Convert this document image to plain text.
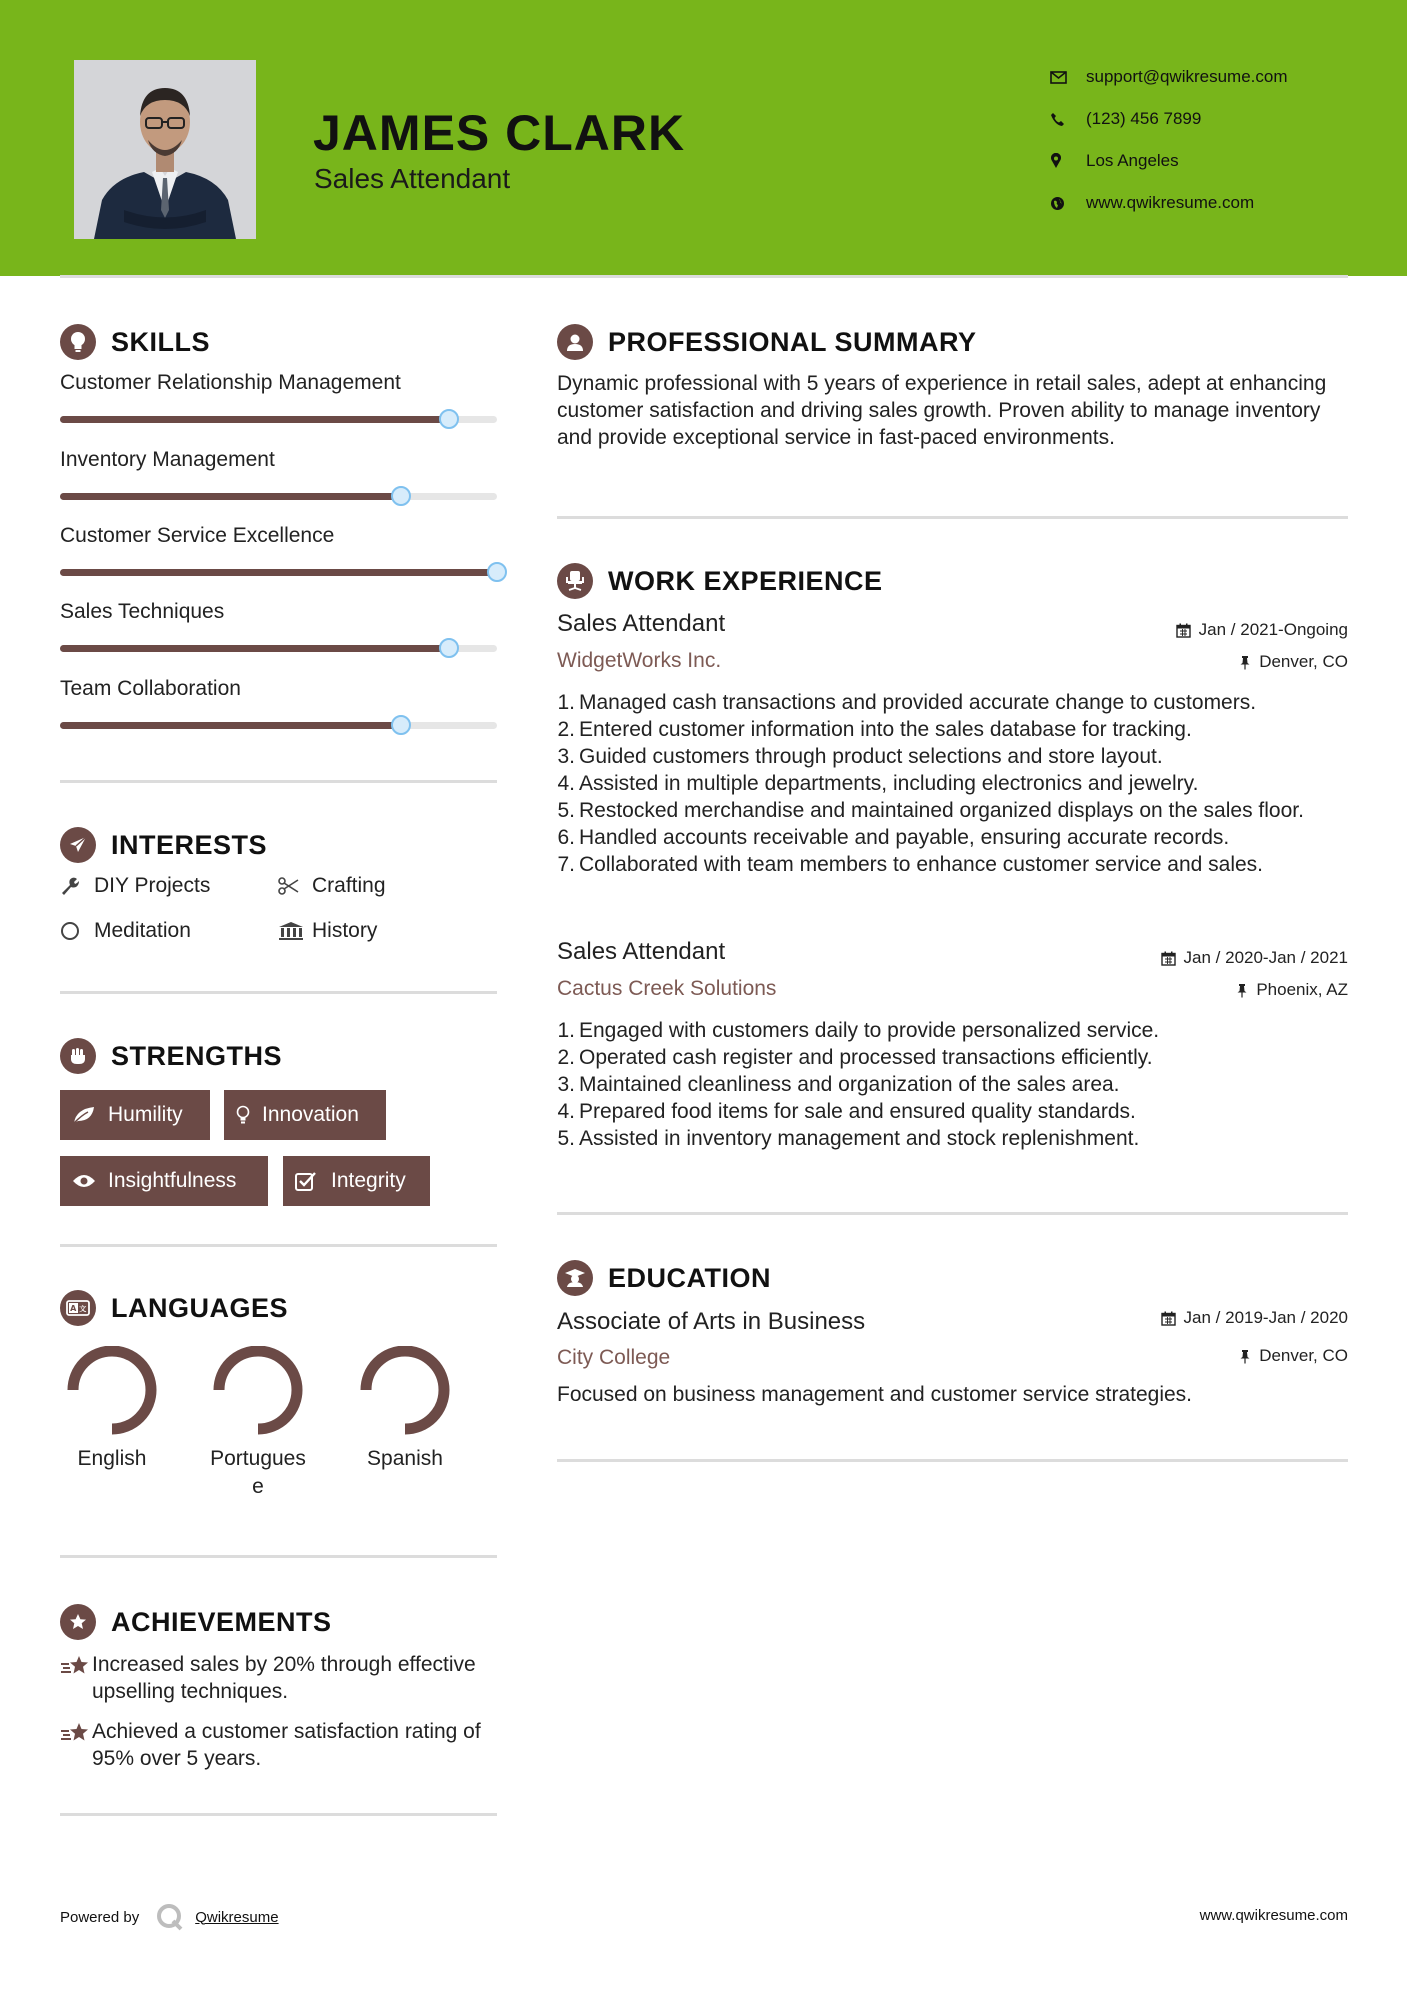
JAMES CLARK
Sales Attendant
support@qwikresume.com
(123) 456 7899
Los Angeles
www.qwikresume.com
SKILLS
Customer Relationship Management
Inventory Management
Customer Service Excellence
Sales Techniques
Team Collaboration
INTERESTS
DIY Projects	Crafting
Meditation	History
STRENGTHS
Humility	Innovation
Insightfulness	Integrity
A 文 LANGUAGES
English	Portugues
e
Spanish
ACHIEVEMENTS
Increased sales by 20% through effective upselling techniques.
Achieved a customer satisfaction rating of 95% over 5 years.
PROFESSIONAL SUMMARY
Dynamic professional with 5 years of experience in retail sales, adept at enhancing customer satisfaction and driving sales growth. Proven ability to manage inventory and provide exceptional service in fast-paced environments.
WORK EXPERIENCE
Sales Attendant
WidgetWorks Inc.
Jan / 2021-Ongoing
Denver, CO
1. Managed cash transactions and provided accurate change to customers.
2. Entered customer information into the sales database for tracking.
3. Guided customers through product selections and store layout.
4. Assisted in multiple departments, including electronics and jewelry.
5. Restocked merchandise and maintained organized displays on the sales floor.
6. Handled accounts receivable and payable, ensuring accurate records.
7. Collaborated with team members to enhance customer service and sales.
Sales Attendant
Cactus Creek Solutions
Jan / 2020-Jan / 2021
Phoenix, AZ
1. Engaged with customers daily to provide personalized service.
2. Operated cash register and processed transactions efficiently.
3. Maintained cleanliness and organization of the sales area.
4. Prepared food items for sale and ensured quality standards.
5. Assisted in inventory management and stock replenishment.
EDUCATION
Associate of Arts in Business
City College
Jan / 2019-Jan / 2020
Denver, CO
Focused on business management and customer service strategies.
Powered by	Qwikresume	www.qwikresume.com
